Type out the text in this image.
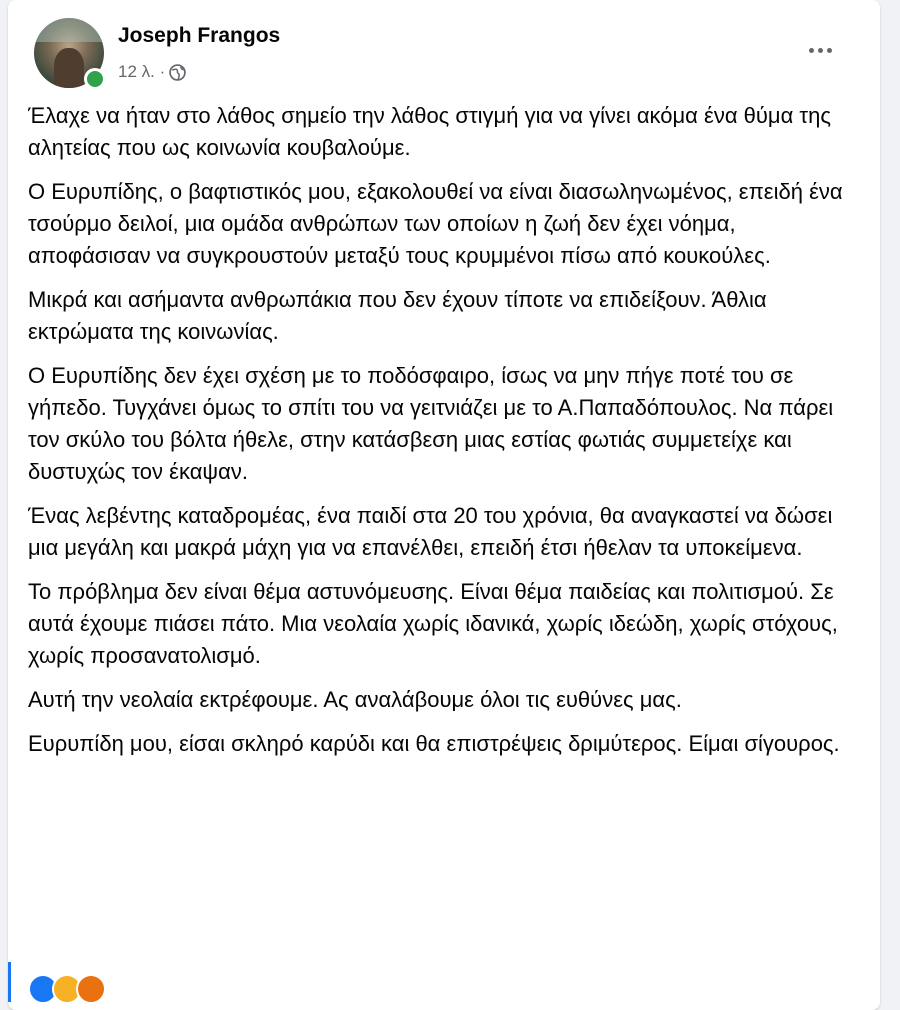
Joseph Frangos
12 λ. ·

Έλαχε να ήταν στο λάθος σημείο την λάθος στιγμή για να γίνει ακόμα ένα θύμα της αλητείας που ως κοινωνία κουβαλούμε.

Ο Ευρυπίδης, ο βαφτιστικός μου, εξακολουθεί να είναι διασωληνωμένος, επειδή ένα τσούρμο δειλοί, μια ομάδα ανθρώπων των οποίων η ζωή δεν έχει νόημα, αποφάσισαν να συγκρουστούν μεταξύ τους κρυμμένοι πίσω από κουκούλες.

Μικρά και ασήμαντα ανθρωπάκια που δεν έχουν τίποτε να επιδείξουν. Άθλια εκτρώματα της κοινωνίας.

Ο Ευρυπίδης δεν έχει σχέση με το ποδόσφαιρο, ίσως να μην πήγε ποτέ του σε γήπεδο. Τυγχάνει όμως το σπίτι του να γειτνιάζει με το Α.Παπαδόπουλος. Να πάρει τον σκύλο του βόλτα ήθελε, στην κατάσβεση μιας εστίας φωτιάς συμμετείχε και δυστυχώς τον έκαψαν.

Ένας λεβέντης καταδρομέας, ένα παιδί στα 20 του χρόνια, θα αναγκαστεί να δώσει μια μεγάλη και μακρά μάχη για να επανέλθει, επειδή έτσι ήθελαν τα υποκείμενα.

Το πρόβλημα δεν είναι θέμα αστυνόμευσης. Είναι θέμα παιδείας και πολιτισμού. Σε αυτά έχουμε πιάσει πάτο. Μια νεολαία χωρίς ιδανικά, χωρίς ιδεώδη, χωρίς στόχους, χωρίς προσανατολισμό.

Αυτή την νεολαία εκτρέφουμε. Ας αναλάβουμε όλοι τις ευθύνες μας.

Ευρυπίδη μου, είσαι σκληρό καρύδι και θα επιστρέψεις δριμύτερος. Είμαι σίγουρος.
